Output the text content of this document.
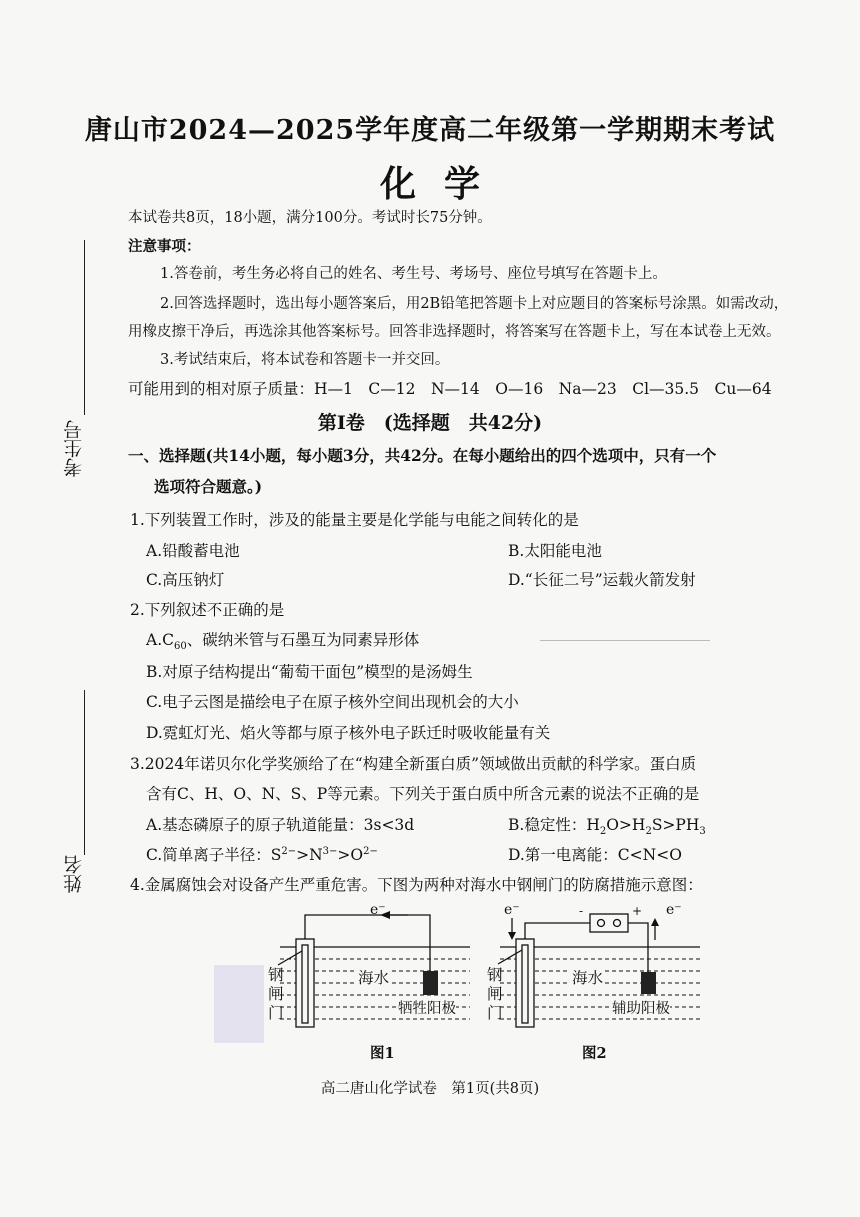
考生号
姓名
唐山市2024—2025学年度高二年级第一学期期末考试
化学
本试卷共8页，18小题，满分100分。考试时长75分钟。
注意事项：
1.答卷前，考生务必将自己的姓名、考生号、考场号、座位号填写在答题卡上。
2.回答选择题时，选出每小题答案后，用2B铅笔把答题卡上对应题目的答案标号涂黑。如需改动，
用橡皮擦干净后，再选涂其他答案标号。回答非选择题时，将答案写在答题卡上，写在本试卷上无效。
3.考试结束后，将本试卷和答题卡一并交回。
可能用到的相对原子质量：H—1　C—12　N—14　O—16　Na—23　Cl—35.5　Cu—64
第Ⅰ卷　(选择题　共42分)
一、选择题(共14小题，每小题3分，共42分。在每小题给出的四个选项中，只有一个
选项符合题意。)
1.下列装置工作时，涉及的能量主要是化学能与电能之间转化的是
A.铅酸蓄电池	B.太阳能电池
C.高压钠灯	D.“长征二号”运载火箭发射
2.下列叙述不正确的是
$A.C_{60}$、碳纳米管与石墨互为同素异形体
B.对原子结构提出“葡萄干面包”模型的是汤姆生
C.电子云图是描绘电子在原子核外空间出现机会的大小
D.霓虹灯光、焰火等都与原子核外电子跃迁时吸收能量有关
3.2024年诺贝尔化学奖颁给了在“构建全新蛋白质”领域做出贡献的科学家。蛋白质
含有C、H、O、N、S、P等元素。下列关于蛋白质中所含元素的说法不正确的是
A.基态磷原子的原子轨道能量：3s<3d	B.稳定性：$H_2O>H_2S>PH_3$
C.简单离子半径：$S^{2-}>N^{3-}>O^{2-}$	D.第一电离能：C<N<O
4.金属腐蚀会对设备产生严重危害。下图为两种对海水中钢闸门的防腐措施示意图：
e⁻
钢
闸
门
海水
牺牲阳极
图1
e⁻	e⁻
-	+
钢
闸
门
海水
辅助阳极
图2
高二唐山化学试卷　第1页(共8页)
